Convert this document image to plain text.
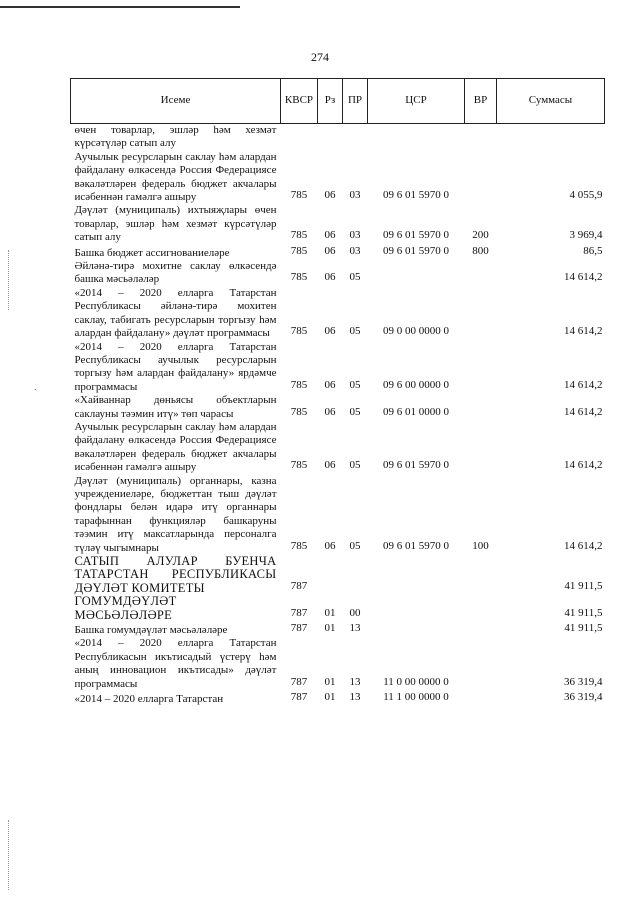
274
ˎ
Исеме	КВСР	Рз	ПР	ЦСР	ВР	Суммасы
өчен товарлар, эшләр һәм хезмәт күрсәтүләр сатып алу						
Аучылык ресурсларын саклау һәм алардан файдалану өлкәсендә Россия Федерациясе вәкаләтләрен федераль бюджет акчалары исәбеннән гамәлгә ашыру	785	06	03	09 6 01 5970 0		4 055,9
Дәүләт (муниципаль) ихтыяҗлары өчен товарлар, эшләр һәм хезмәт күрсәтүләр сатып алу	785	06	03	09 6 01 5970 0	200	3 969,4
Башка бюджет ассигнованиеләре	785	06	03	09 6 01 5970 0	800	86,5
Әйләнә-тирә мохитне саклау өлкәсендә башка мәсьәләләр	785	06	05			14 614,2
«2014 – 2020 елларга Татарстан Республикасы әйләнә-тирә мохитен саклау, табигать ресурсларын торгызу һәм алардан файдалану» дәүләт программасы	785	06	05	09 0 00 0000 0		14 614,2
«2014 – 2020 елларга Татарстан Республикасы аучылык ресурсларын торгызу һәм алардан файдалану» ярдәмче программасы	785	06	05	09 6 00 0000 0		14 614,2
«Хайваннар дөньясы объектларын саклауны тәэмин итү» төп чарасы	785	06	05	09 6 01 0000 0		14 614,2
Аучылык ресурсларын саклау һәм алардан файдалану өлкәсендә Россия Федерациясе вәкаләтләрен федераль бюджет акчалары исәбеннән гамәлгә ашыру	785	06	05	09 6 01 5970 0		14 614,2
Дәүләт (муниципаль) органнары, казна учреждениеләре, бюджеттан тыш дәүләт фондлары белән идарә итү органнары тарафыннан функцияләр башкаруны тәэмин итү максатларында персоналга түләү чыгымнары	785	06	05	09 6 01 5970 0	100	14 614,2
САТЫП АЛУЛАР БУЕНЧА ТАТАРСТАН РЕСПУБЛИКАСЫ ДӘҮЛӘТ КОМИТЕТЫ	787					41 911,5
ГОМУМДӘҮЛӘТ МӘСЬӘЛӘЛӘРЕ	787	01	00			41 911,5
Башка гомумдәүләт мәсьәләләре	787	01	13			41 911,5
«2014 – 2020 елларга Татарстан Республикасын икътисадый үстерү һәм аның инновацион икътисады» дәүләт программасы	787	01	13	11 0 00 0000 0		36 319,4
«2014 – 2020 елларга Татарстан	787	01	13	11 1 00 0000 0		36 319,4
